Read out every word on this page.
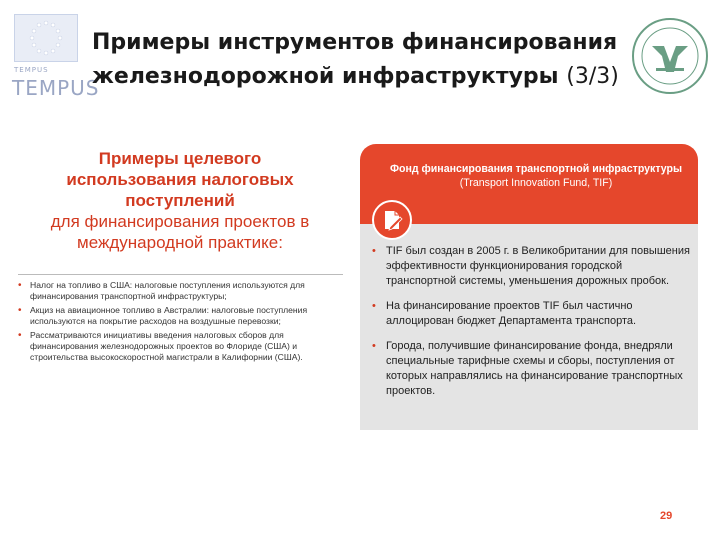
TEMPUS
TEMPUS
Примеры инструментов финансирования
железнодорожной инфраструктуры (3/3)
Примеры целевого
использования налоговых
поступлений
для финансирования проектов в
международной практике:
• Налог на топливо в США: налоговые поступления используются для финансирования транспортной инфраструктуры;
• Акциз на авиационное топливо в Австралии: налоговые поступления используются на покрытие расходов на воздушные перевозки;
• Рассматриваются инициативы введения налоговых сборов для финансирования железнодорожных проектов во Флориде (США) и строительства высокоскоростной магистрали в Калифорнии (США).
Фонд финансирования транспортной инфраструктуры (Transport Innovation Fund, TIF)
• TIF был создан в 2005 г. в Великобритании для повышения эффективности функционирования городской транспортной системы, уменьшения дорожных пробок.
• На финансирование проектов TIF был частично аллоцирован бюджет Департамента транспорта.
• Города, получившие финансирование фонда, внедряли специальные тарифные схемы и сборы, поступления от которых направлялись на финансирование транспортных проектов.
29
